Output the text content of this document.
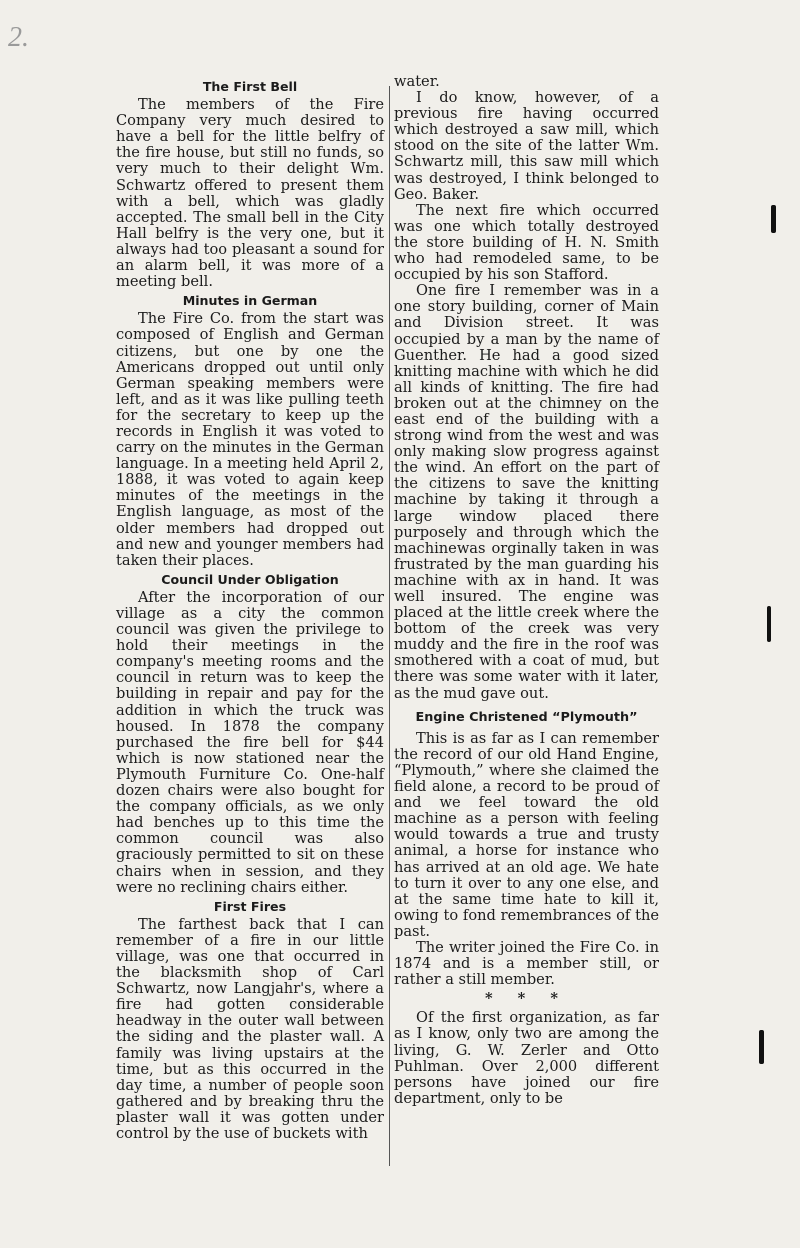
2.
The First Bell

The members of the Fire Company very much desired to have a bell for the little belfry of the fire house, but still no funds, so very much to their delight Wm. Schwartz offered to present them with a bell, which was gladly accepted. The small bell in the City Hall belfry is the very one, but it always had too pleasant a sound for an alarm bell, it was more of a meeting bell.

Minutes in German

The Fire Co. from the start was composed of English and German citizens, but one by one the Americans dropped out until only German speaking members were left, and as it was like pulling teeth for the secretary to keep up the records in English it was voted to carry on the minutes in the German language. In a meeting held April 2, 1888, it was voted to again keep minutes of the meetings in the English language, as most of the older members had dropped out and new and younger members had taken their places.

Council Under Obligation

After the incorporation of our village as a city the common council was given the privilege to hold their meetings in the company's meeting rooms and the council in return was to keep the building in repair and pay for the addition in which the truck was housed. In 1878 the company purchased the fire bell for $44 which is now stationed near the Plymouth Furniture Co. One-half dozen chairs were also bought for the company officials, as we only had benches up to this time the common council was also graciously permitted to sit on these chairs when in session, and they were no reclining chairs either.

First Fires

The farthest back that I can remember of a fire in our little village, was one that occurred in the blacksmith shop of Carl Schwartz, now Langjahr's, where a fire had gotten considerable headway in the outer wall between the siding and the plaster wall. A family was living upstairs at the time, but as this occurred in the day time, a number of people soon gathered and by breaking thru the plaster wall it was gotten under control by the use of buckets with

water.

I do know, however, of a previous fire having occurred which destroyed a saw mill, which stood on the site of the latter Wm. Schwartz mill, this saw mill which was destroyed, I think belonged to Geo. Baker.

The next fire which occurred was one which totally destroyed the store building of H. N. Smith who had remodeled same, to be occupied by his son Stafford.

One fire I remember was in a one story building, corner of Main and Division street. It was occupied by a man by the name of Guenther. He had a good sized knitting machine with which he did all kinds of knitting. The fire had broken out at the chimney on the east end of the building with a strong wind from the west and was only making slow progress against the wind. An effort on the part of the citizens to save the knitting machine by taking it through a large window placed there purposely and through which the machinewas orginally taken in was frustrated by the man guarding his machine with ax in hand. It was well insured. The engine was placed at the little creek where the bottom of the creek was very muddy and the fire in the roof was smothered with a coat of mud, but there was some water with it later, as the mud gave out.

Engine Christened “Plymouth”

This is as far as I can remember the record of our old Hand Engine, “Plymouth,” where she claimed the field alone, a record to be proud of and we feel toward the old machine as a person with feeling would towards a true and trusty animal, a horse for instance who has arrived at an old age. We hate to turn it over to any one else, and at the same time hate to kill it, owing to fond remembrances of the past.

The writer joined the Fire Co. in 1874 and is a member still, or rather a still member.

* * *

Of the first organization, as far as I know, only two are among the living, G. W. Zerler and Otto Puhlman. Over 2,000 different persons have joined our fire department, only to be
